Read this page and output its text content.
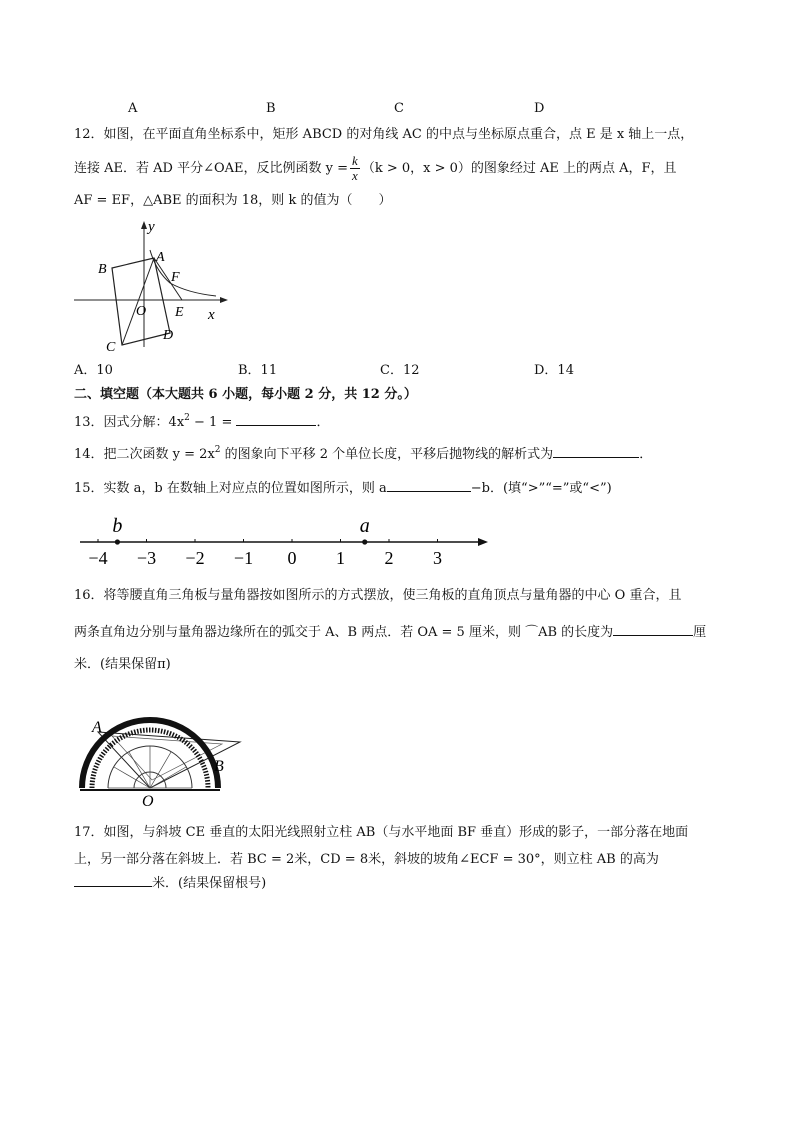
A	B	C	D
12．如图，在平面直角坐标系中，矩形 ABCD 的对角线 AC 的中点与坐标原点重合，点 E 是 x 轴上一点，
连接 AE．若 AD 平分∠OAE，反比例函数 $y = \frac{k}{x} (k > 0$，x > 0）的图象经过 AE 上的两点 A，F，且
AF = EF，△ABE 的面积为 18，则 k 的值为（　　）
y
x
A
B
F
O E
C
D
A．10	B．11	C．12	D．14
二、填空题（本大题共 6 小题，每小题 2 分，共 12 分。）
13．因式分解：$4x^2 - 1$ =	．
14．把二次函数 $y = 2x^2$ 的图象向下平移 2 个单位长度，平移后抛物线的解析式为	．
15．实数 a，b 在数轴上对应点的位置如图所示，则 a	−b．(填“>”“=”或“<”)
−4 −3 −2 −1 0 1 2 3
b	a
16．将等腰直角三角板与量角器按如图所示的方式摆放，使三角板的直角顶点与量角器的中心 O 重合，且
两条直角边分别与量角器边缘所在的弧交于 A、B 两点．若 OA = 5 厘米，则 ⌒AB 的长度为	厘
米．(结果保留π)
A
B
O
17．如图，与斜坡 CE 垂直的太阳光线照射立柱 AB（与水平地面 BF 垂直）形成的影子，一部分落在地面
上，另一部分落在斜坡上．若 BC = 2米，CD = 8米，斜坡的坡角∠ECF = 30°，则立柱 AB 的高为
米．(结果保留根号)
